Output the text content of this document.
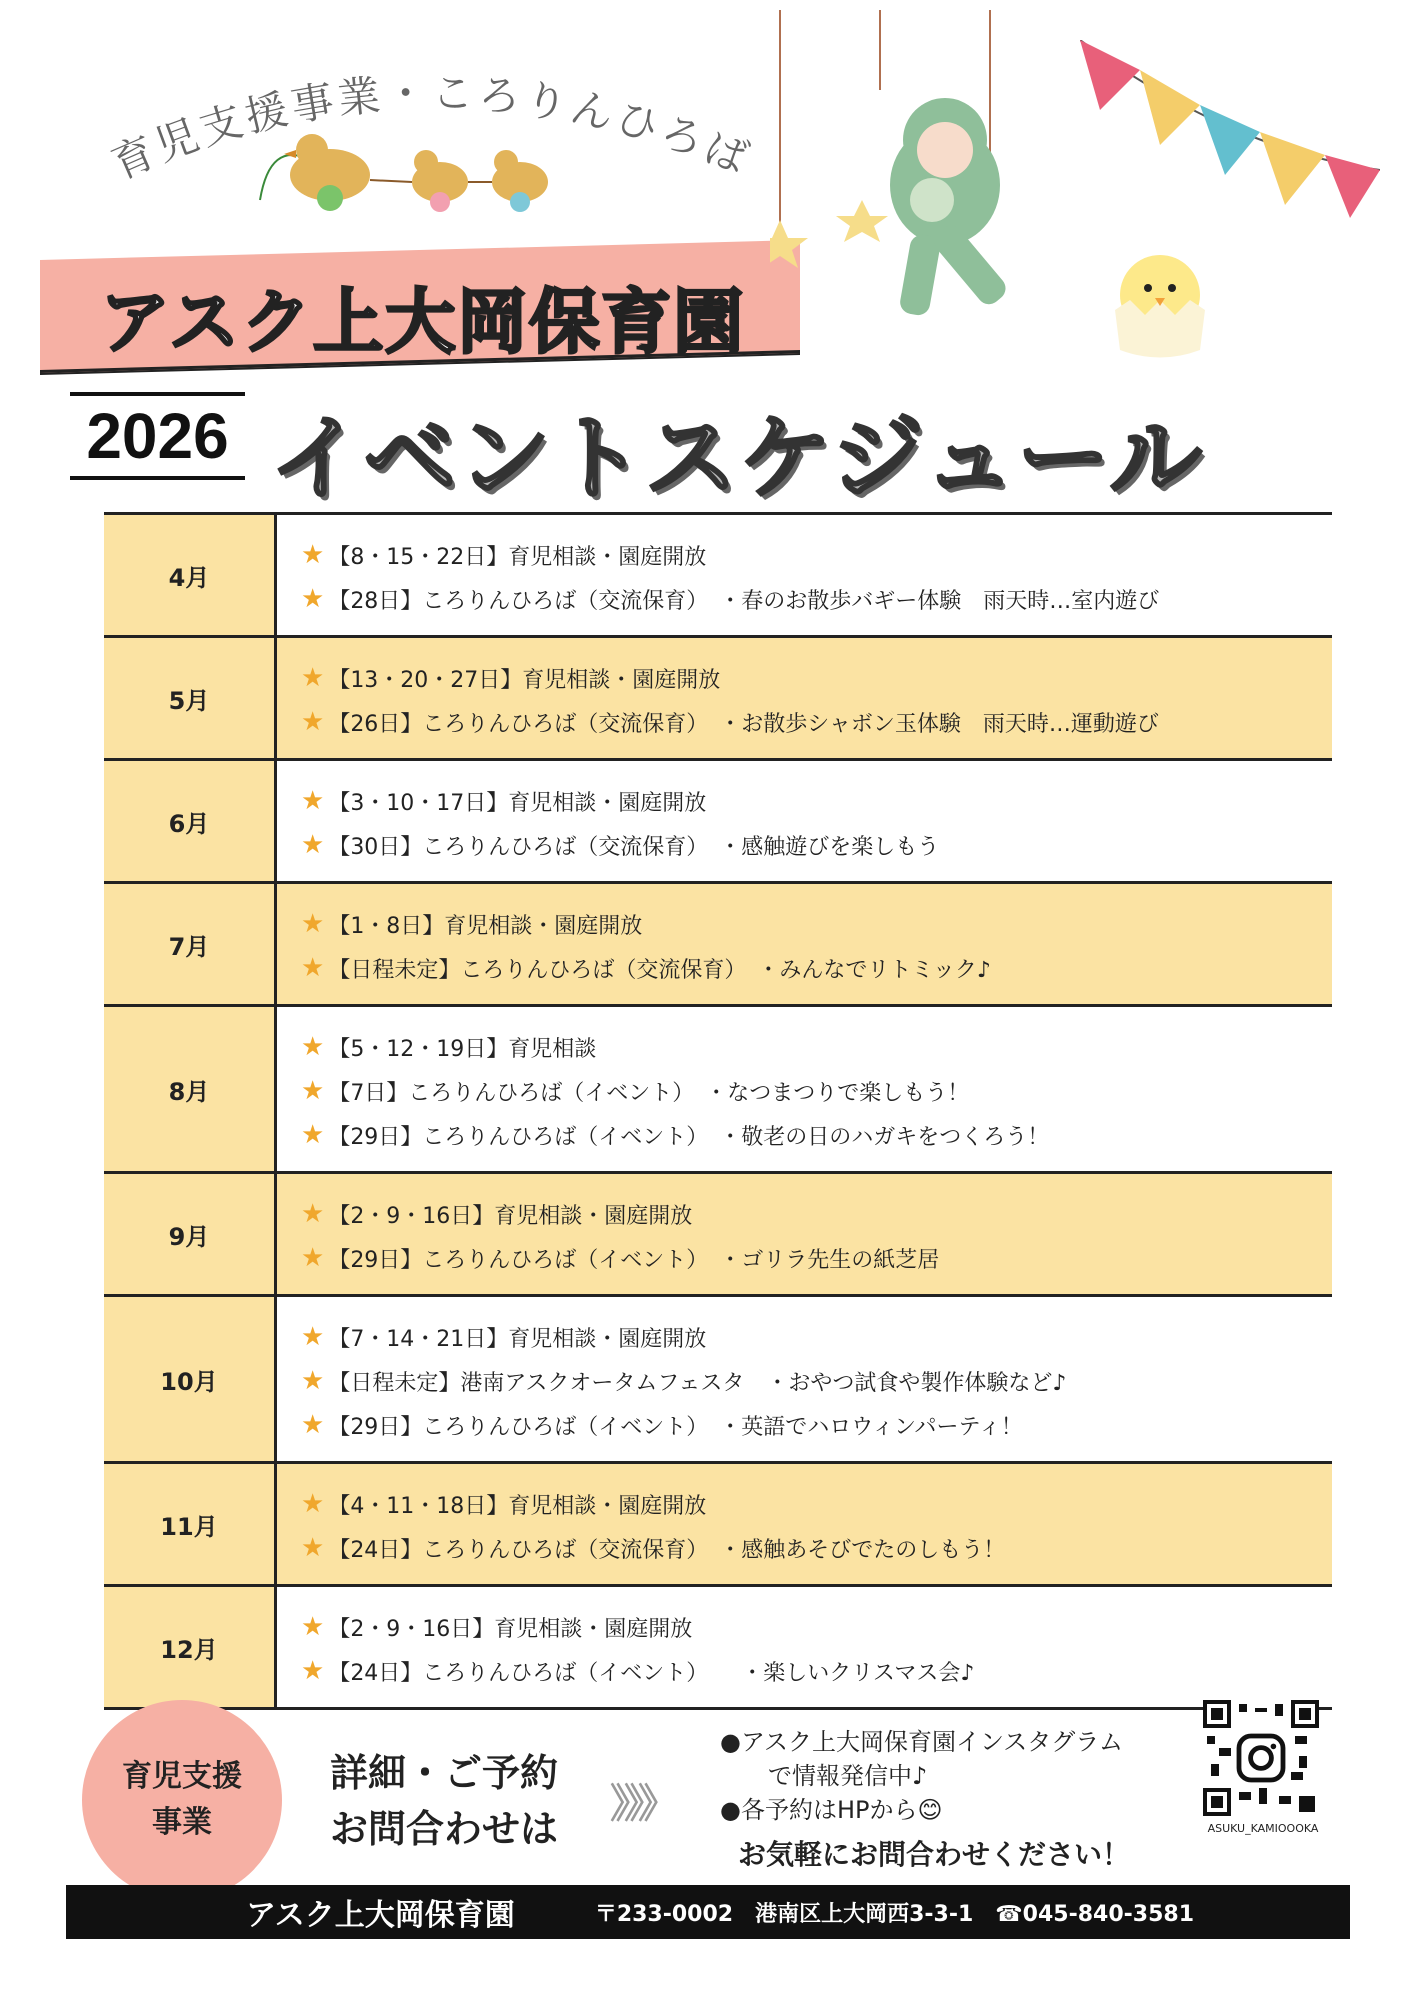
育児支援事業・ころりんひろば
アスク上大岡保育園
2026 イベントスケジュール
4月
★ 【8・15・22日】育児相談・園庭開放
★ 【28日】ころりんひろば（交流保育）　・春のお散歩バギー体験　雨天時…室内遊び
5月
★ 【13・20・27日】育児相談・園庭開放
★ 【26日】ころりんひろば（交流保育）　・お散歩シャボン玉体験　雨天時…運動遊び
6月
★ 【3・10・17日】育児相談・園庭開放
★ 【30日】ころりんひろば（交流保育）　・感触遊びを楽しもう
7月
★ 【1・8日】育児相談・園庭開放
★ 【日程未定】ころりんひろば（交流保育）　・みんなでリトミック♪
8月
★ 【5・12・19日】育児相談
★ 【7日】ころりんひろば（イベント）　・なつまつりで楽しもう！
★ 【29日】ころりんひろば（イベント）　・敬老の日のハガキをつくろう！
9月
★ 【2・9・16日】育児相談・園庭開放
★ 【29日】ころりんひろば（イベント）　・ゴリラ先生の紙芝居
10月
★ 【7・14・21日】育児相談・園庭開放
★ 【日程未定】港南アスクオータムフェスタ　・おやつ試食や製作体験など♪
★ 【29日】ころりんひろば（イベント）　・英語でハロウィンパーティ！
11月
★ 【4・11・18日】育児相談・園庭開放
★ 【24日】ころりんひろば（交流保育）　・感触あそびでたのしもう！
12月
★ 【2・9・16日】育児相談・園庭開放
★ 【24日】ころりんひろば（イベント）　　・楽しいクリスマス会♪
育児支援
事業
詳細・ご予約
お問合わせは
》》》
●アスク上大岡保育園インスタグラム
　　で情報発信中♪
●各予約はHPから😊
お気軽にお問合わせください！
ASUKU_KAMIOOOKA
アスク上大岡保育園	〒233-0002　港南区上大岡西3-3-1　☎045-840-3581
